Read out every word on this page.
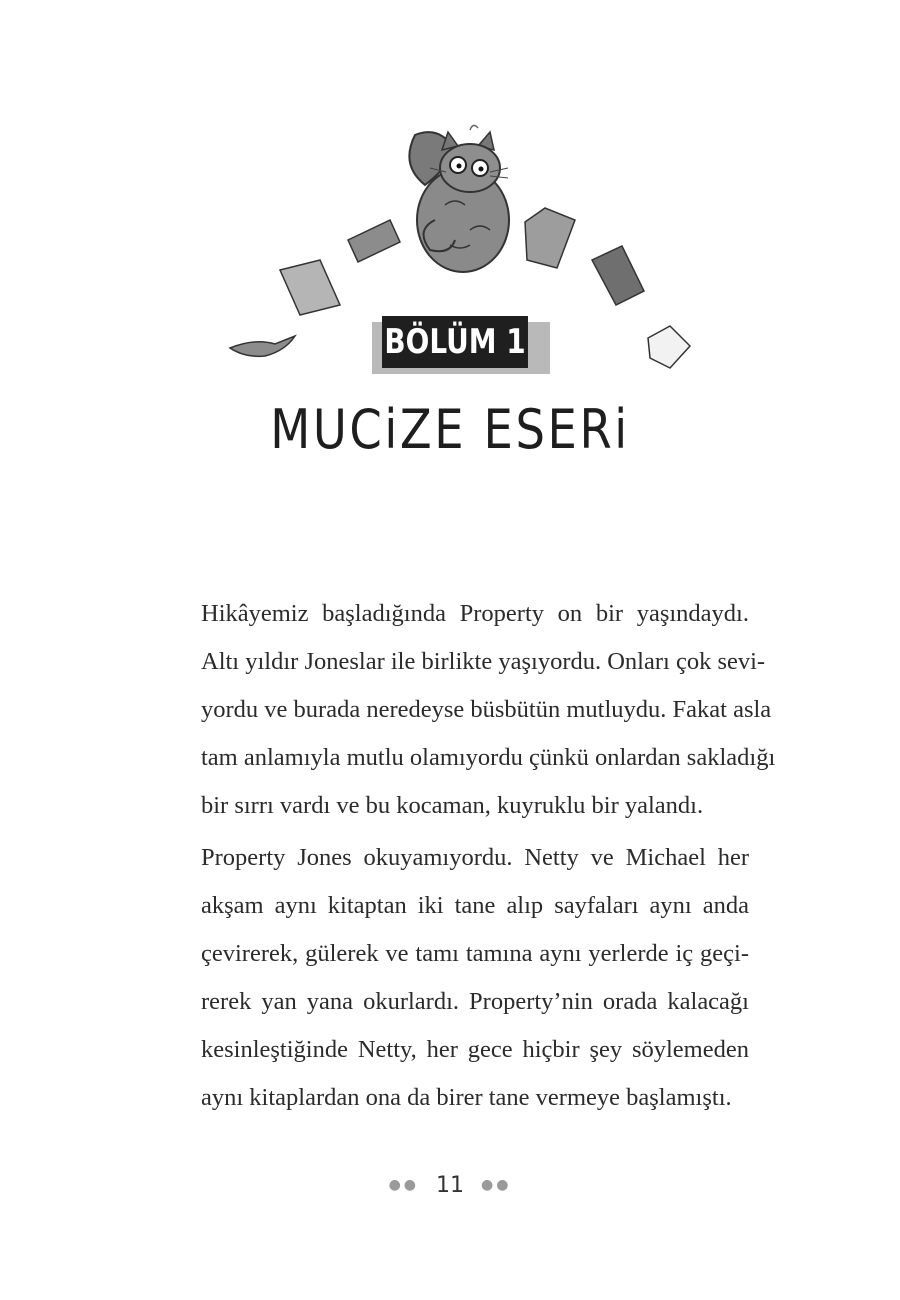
BÖLÜM 1
MUCiZE ESERi

Hikâyemiz başladığında Property on bir yaşındaydı.
Altı yıldır Joneslar ile birlikte yaşıyordu. Onları çok sevi-
yordu ve burada neredeyse büsbütün mutluydu. Fakat asla
tam anlamıyla mutlu olamıyordu çünkü onlardan sakladığı
bir sırrı vardı ve bu kocaman, kuyruklu bir yalandı.

Property Jones okuyamıyordu. Netty ve Michael her
akşam aynı kitaptan iki tane alıp sayfaları aynı anda
çevirerek, gülerek ve tamı tamına aynı yerlerde iç geçi-
rerek yan yana okurlardı. Property’nin orada kalacağı
kesinleştiğinde Netty, her gece hiçbir şey söylemeden
aynı kitaplardan ona da birer tane vermeye başlamıştı.

●● 11 ●●
